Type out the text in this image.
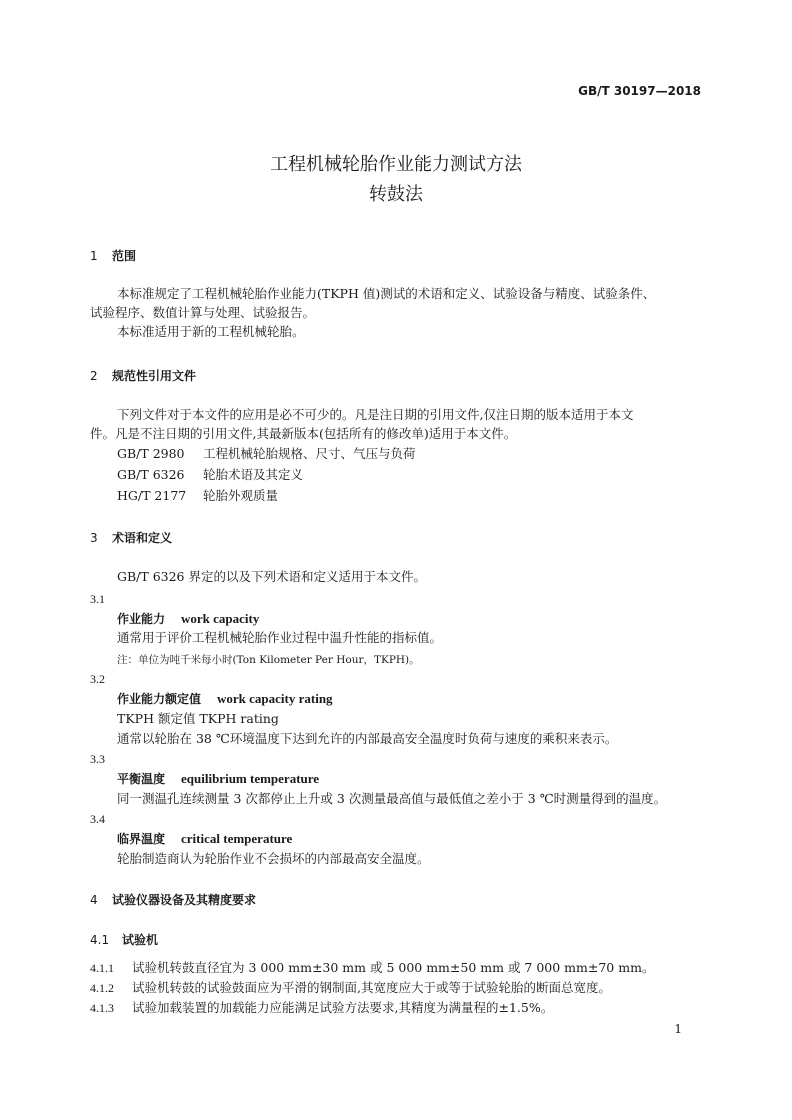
GB/T 30197—2018
工程机械轮胎作业能力测试方法
转鼓法
1 范围
本标准规定了工程机械轮胎作业能力(TKPH 值)测试的术语和定义、试验设备与精度、试验条件、
试验程序、数值计算与处理、试验报告。
本标准适用于新的工程机械轮胎。
2 规范性引用文件
下列文件对于本文件的应用是必不可少的。凡是注日期的引用文件,仅注日期的版本适用于本文
件。凡是不注日期的引用文件,其最新版本(包括所有的修改单)适用于本文件。
GB/T 2980 工程机械轮胎规格、尺寸、气压与负荷
GB/T 6326 轮胎术语及其定义
HG/T 2177 轮胎外观质量
3 术语和定义
GB/T 6326 界定的以及下列术语和定义适用于本文件。
3.1
作业能力 work capacity
通常用于评价工程机械轮胎作业过程中温升性能的指标值。
注：单位为吨千米每小时(Ton Kilometer Per Hour，TKPH)。
3.2
作业能力额定值 work capacity rating
TKPH 额定值 TKPH rating
通常以轮胎在 38 ℃环境温度下达到允许的内部最高安全温度时负荷与速度的乘积来表示。
3.3
平衡温度 equilibrium temperature
同一测温孔连续测量 3 次都停止上升或 3 次测量最高值与最低值之差小于 3 ℃时测量得到的温度。
3.4
临界温度 critical temperature
轮胎制造商认为轮胎作业不会损坏的内部最高安全温度。
4 试验仪器设备及其精度要求
4.1 试验机
4.1.1 试验机转鼓直径宜为 3 000 mm±30 mm 或 5 000 mm±50 mm 或 7 000 mm±70 mm。
4.1.2 试验机转鼓的试验鼓面应为平滑的钢制面,其宽度应大于或等于试验轮胎的断面总宽度。
4.1.3 试验加载装置的加载能力应能满足试验方法要求,其精度为满量程的±1.5%。
1
